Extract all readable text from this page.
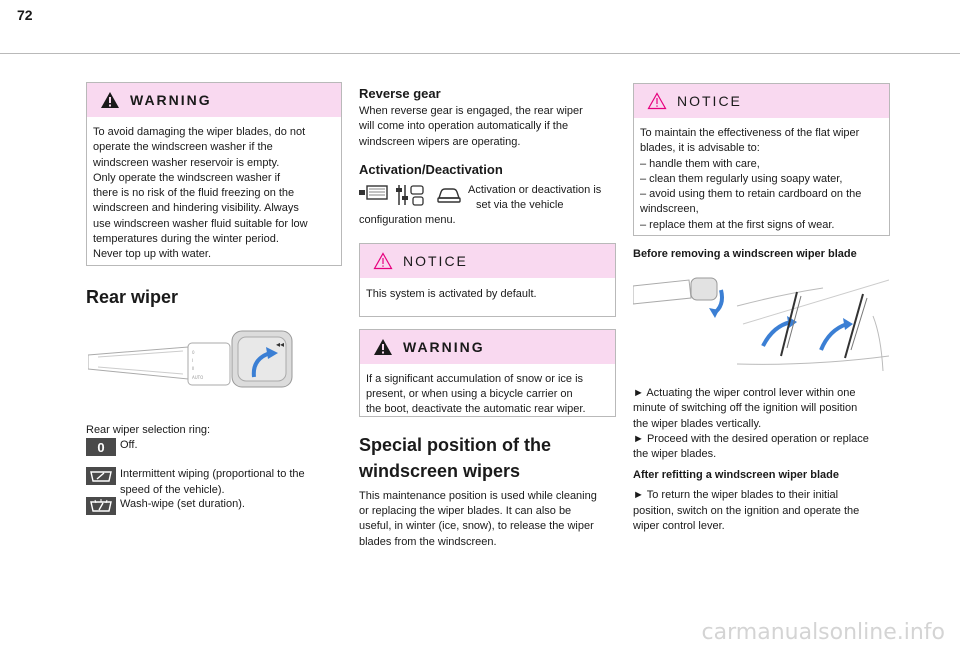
72
WARNING

To avoid damaging the wiper blades, do not

operate the windscreen washer if the

windscreen washer reservoir is empty.

Only operate the windscreen washer if

there is no risk of the fluid freezing on the

windscreen and hindering visibility. Always

use windscreen washer fluid suitable for low

temperatures during the winter period.

Never top up with water.

Rear wiper
0
I
II
AUTO
◂◂
Rear wiper selection ring:
0	Off.
Intermittent wiping (proportional to the
speed of the vehicle).
Wash-wipe (set duration).
Reverse gear
When reverse gear is engaged, the rear wiper
will come into operation automatically if the
windscreen wipers are operating.
Activation/Deactivation
Activation or deactivation is
set via the vehicle
configuration menu.
NOTICE

This system is activated by default.

WARNING

If a significant accumulation of snow or ice is

present, or when using a bicycle carrier on

the boot, deactivate the automatic rear wiper.

Special position of the
windscreen wipers
This maintenance position is used while cleaning
or replacing the wiper blades. It can also be
useful, in winter (ice, snow), to release the wiper
blades from the windscreen.
NOTICE

To maintain the effectiveness of the flat wiper

blades, it is advisable to:

– handle them with care,

– clean them regularly using soapy water,

– avoid using them to retain cardboard on the

windscreen,

– replace them at the first signs of wear.

Before removing a windscreen wiper blade
► Actuating the wiper control lever within one
minute of switching off the ignition will position
the wiper blades vertically.
► Proceed with the desired operation or replace
the wiper blades.
After refitting a windscreen wiper blade
► To return the wiper blades to their initial
position, switch on the ignition and operate the
wiper control lever.
carmanualsonline.info
